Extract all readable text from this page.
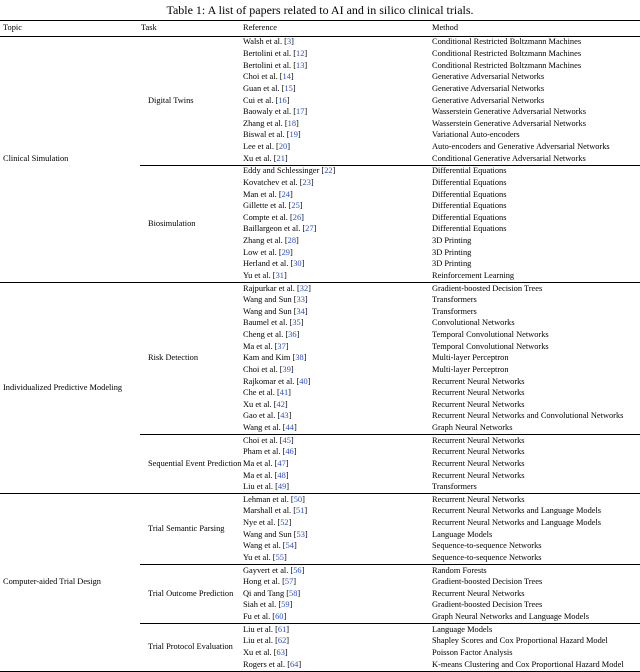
Table 1: A list of papers related to AI and in silico clinical trials.
Topic	Task	Reference	Method
Clinical Simulation	Digital Twins	Walsh et al. [3]	Conditional Restricted Boltzmann Machines
		Bertolini et al. [12]	Conditional Restricted Boltzmann Machines
		Bertolini et al. [13]	Conditional Restricted Boltzmann Machines
		Choi et al. [14]	Generative Adversarial Networks
		Guan et al. [15]	Generative Adversarial Networks
		Cui et al. [16]	Generative Adversarial Networks
		Baowaly et al. [17]	Wasserstein Generative Adversarial Networks
		Zhang et al. [18]	Wasserstein Generative Adversarial Networks
		Biswal et al. [19]	Variational Auto-encoders
		Lee et al. [20]	Auto-encoders and Generative Adversarial Networks
		Xu et al. [21]	Conditional Generative Adversarial Networks
	Biosimulation	Eddy and Schlessinger [22]	Differential Equations
		Kovatchev et al. [23]	Differential Equations
		Man et al. [24]	Differential Equations
		Gillette et al. [25]	Differential Equations
		Compte et al. [26]	Differential Equations
		Baillargeon et al. [27]	Differential Equations
		Zhang et al. [28]	3D Printing
		Low et al. [29]	3D Printing
		Herland et al. [30]	3D Printing
		Yu et al. [31]	Reinforcement Learning
Individualized Predictive Modeling	Risk Detection	Rajpurkar et al. [32]	Gradient-boosted Decision Trees
		Wang and Sun [33]	Transformers
		Wang and Sun [34]	Transformers
		Baumel et al. [35]	Convolutional Networks
		Cheng et al. [36]	Temporal Convolutional Networks
		Ma et al. [37]	Temporal Convolutional Networks
		Kam and Kim [38]	Multi-layer Perceptron
		Choi et al. [39]	Multi-layer Perceptron
		Rajkomar et al. [40]	Recurrent Neural Networks
		Che et al. [41]	Recurrent Neural Networks
		Xu et al. [42]	Recurrent Neural Networks
		Gao et al. [43]	Recurrent Neural Networks and Convolutional Networks
		Wang et al. [44]	Graph Neural Networks
	Sequential Event Prediction	Choi et al. [45]	Recurrent Neural Networks
		Pham et al. [46]	Recurrent Neural Networks
		Ma et al. [47]	Recurrent Neural Networks
		Ma et al. [48]	Recurrent Neural Networks
		Liu et al. [49]	Transformers
Computer-aided Trial Design	Trial Semantic Parsing	Lehman et al. [50]	Recurrent Neural Networks
		Marshall et al. [51]	Recurrent Neural Networks and Language Models
		Nye et al. [52]	Recurrent Neural Networks and Language Models
		Wang and Sun [53]	Language Models
		Wang et al. [54]	Sequence-to-sequence Networks
		Yu et al. [55]	Sequence-to-sequence Networks
	Trial Outcome Prediction	Gayvert et al. [56]	Random Forests
		Hong et al. [57]	Gradient-boosted Decision Trees
		Qi and Tang [58]	Recurrent Neural Networks
		Siah et al. [59]	Gradient-boosted Decision Trees
		Fu et al. [60]	Graph Neural Networks and Language Models
	Trial Protocol Evaluation	Liu et al. [61]	Language Models
		Liu et al. [62]	Shapley Scores and Cox Proportional Hazard Model
		Xu et al. [63]	Poisson Factor Analysis
		Rogers et al. [64]	K-means Clustering and Cox Proportional Hazard Model
